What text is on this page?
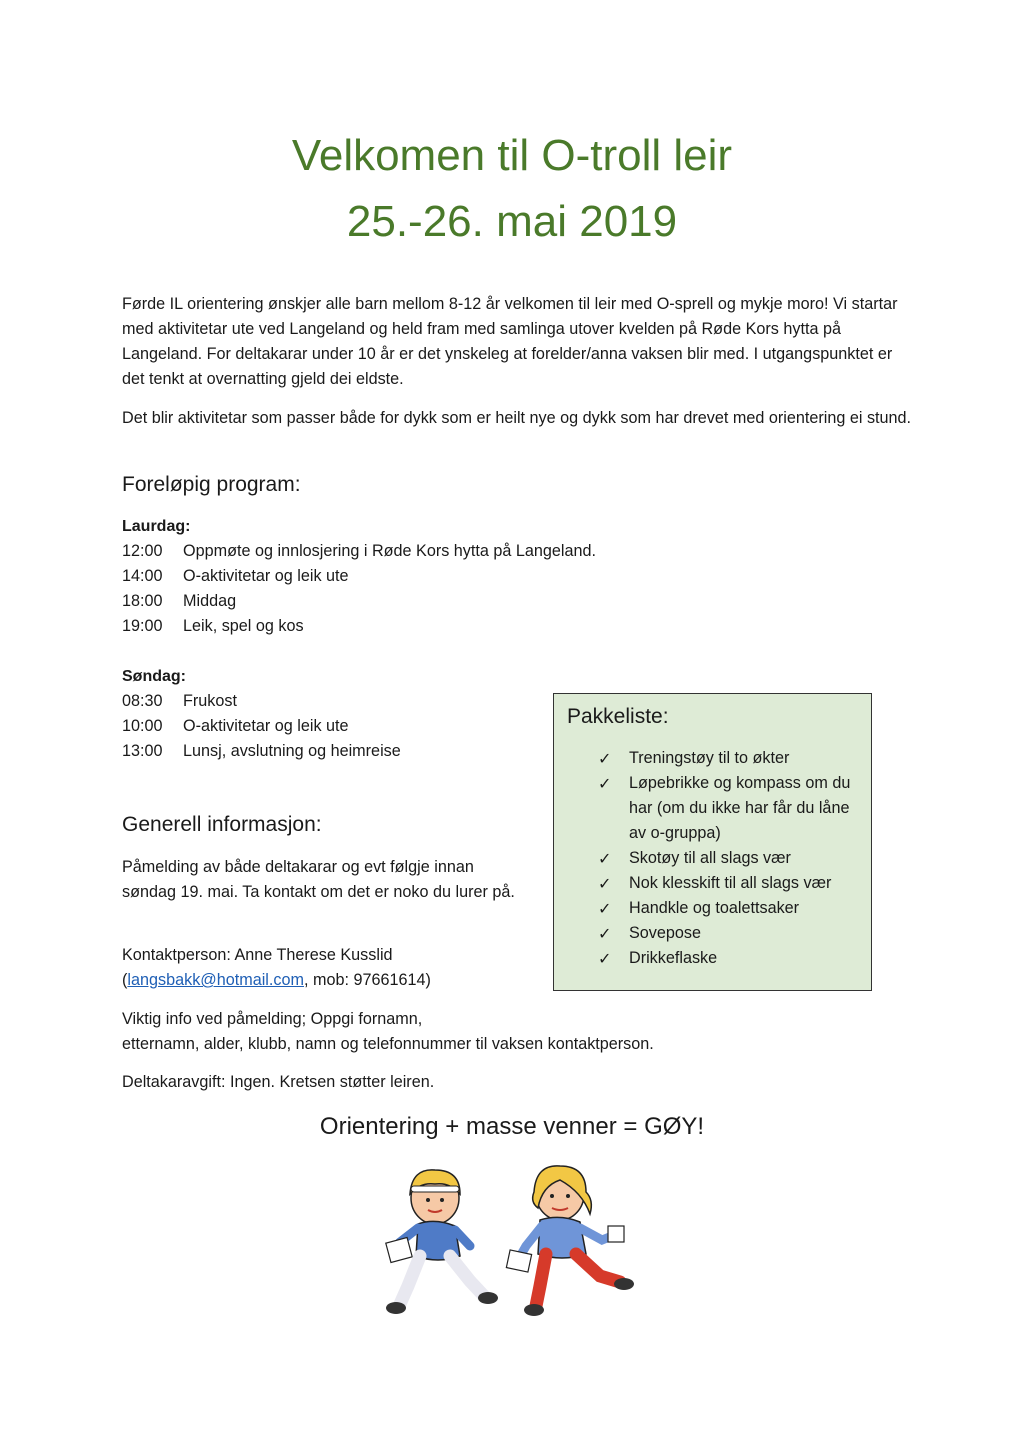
Velkomen til O-troll leir
25.-26. mai 2019

Førde IL orientering ønskjer alle barn mellom 8-12 år velkomen til leir med O-sprell og mykje moro! Vi startar med aktivitetar ute ved Langeland og held fram med samlinga utover kvelden på Røde Kors hytta på Langeland. For deltakarar under 10 år er det ynskeleg at forelder/anna vaksen blir med. I utgangspunktet er det tenkt at overnatting gjeld dei eldste.

Det blir aktivitetar som passer både for dykk som er heilt nye og dykk som har drevet med orientering ei stund.

Foreløpig program:

Laurdag:

12:00 Oppmøte og innlosjering i Røde Kors hytta på Langeland.
14:00 O-aktivitetar og leik ute
18:00 Middag
19:00 Leik, spel og kos

Søndag:

08:30 Frukost
10:00 O-aktivitetar og leik ute
13:00 Lunsj, avslutning og heimreise
Pakkeliste:
✓ Treningstøy til to økter
✓ Løpebrikke og kompass om du har (om du ikke har får du låne av o-gruppa)
✓ Skotøy til all slags vær
✓ Nok klesskift til all slags vær
✓ Handkle og toalettsaker
✓ Sovepose
✓ Drikkeflaske
Generell informasjon:

Påmelding av både deltakarar og evt følgje innan søndag 19. mai. Ta kontakt om det er noko du lurer på.

Kontaktperson: Anne Therese Kusslid
(langsbakk@hotmail.com, mob: 97661614)

Viktig info ved påmelding; Oppgi fornamn,
etternamn, alder, klubb, namn og telefonnummer til vaksen kontaktperson.

Deltakaravgift: Ingen. Kretsen støtter leiren.

Orientering + masse venner = GØY!
